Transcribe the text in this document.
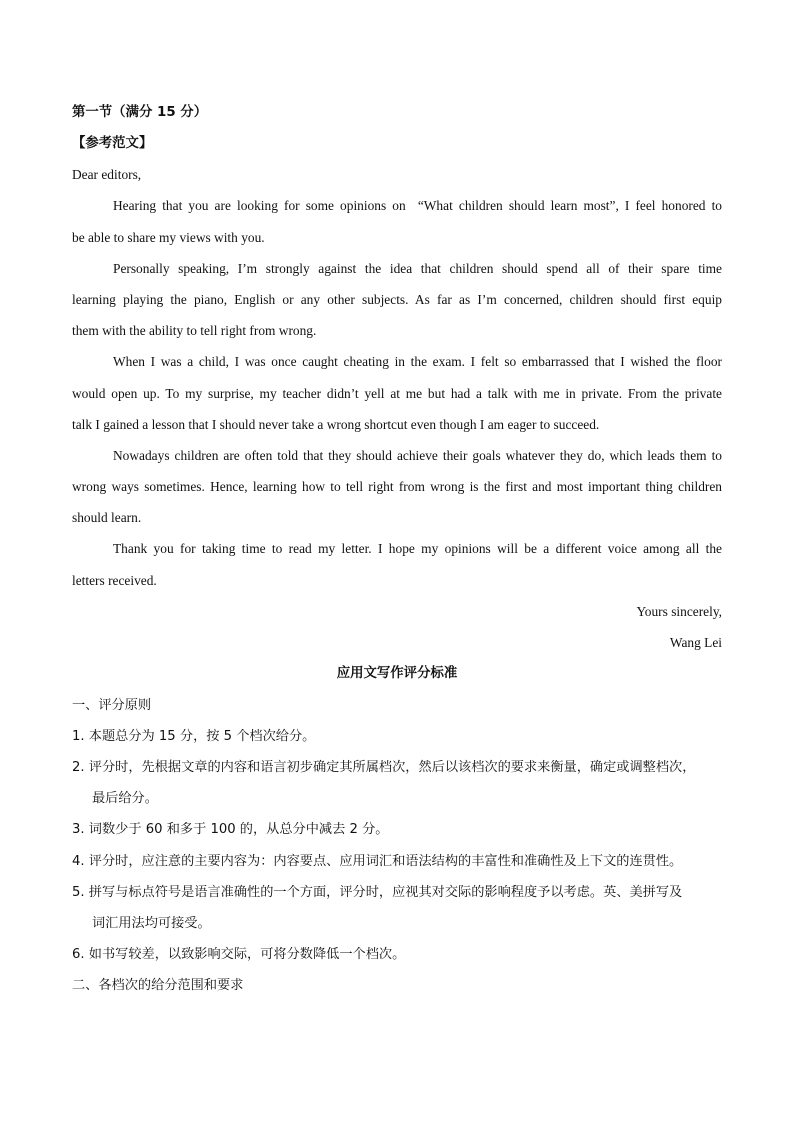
第一节（满分 15 分）
【参考范文】
Dear editors,
Hearing that you are looking for some opinions on  “What children should learn most”, I feel honored to
be able to share my views with you.
Personally speaking, I’m strongly against the idea that children should spend all of their spare time
learning playing the piano, English or any other subjects. As far as I’m concerned, children should first equip
them with the ability to tell right from wrong.
When I was a child, I was once caught cheating in the exam. I felt so embarrassed that I wished the floor
would open up. To my surprise, my teacher didn’t yell at me but had a talk with me in private. From the private
talk I gained a lesson that I should never take a wrong shortcut even though I am eager to succeed.
Nowadays children are often told that they should achieve their goals whatever they do, which leads them to
wrong ways sometimes. Hence, learning how to tell right from wrong is the first and most important thing children
should learn.
Thank you for taking time to read my letter. I hope my opinions will be a different voice among all the
letters received.
Yours sincerely,
Wang Lei
应用文写作评分标准
一、评分原则
1. 本题总分为 15 分，按 5 个档次给分。
2. 评分时，先根据文章的内容和语言初步确定其所属档次，然后以该档次的要求来衡量，确定或调整档次，
最后给分。
3. 词数少于 60 和多于 100 的，从总分中减去 2 分。
4. 评分时，应注意的主要内容为：内容要点、应用词汇和语法结构的丰富性和准确性及上下文的连贯性。
5. 拼写与标点符号是语言准确性的一个方面，评分时，应视其对交际的影响程度予以考虑。英、美拼写及
词汇用法均可接受。
6. 如书写较差，以致影响交际，可将分数降低一个档次。
二、各档次的给分范围和要求
